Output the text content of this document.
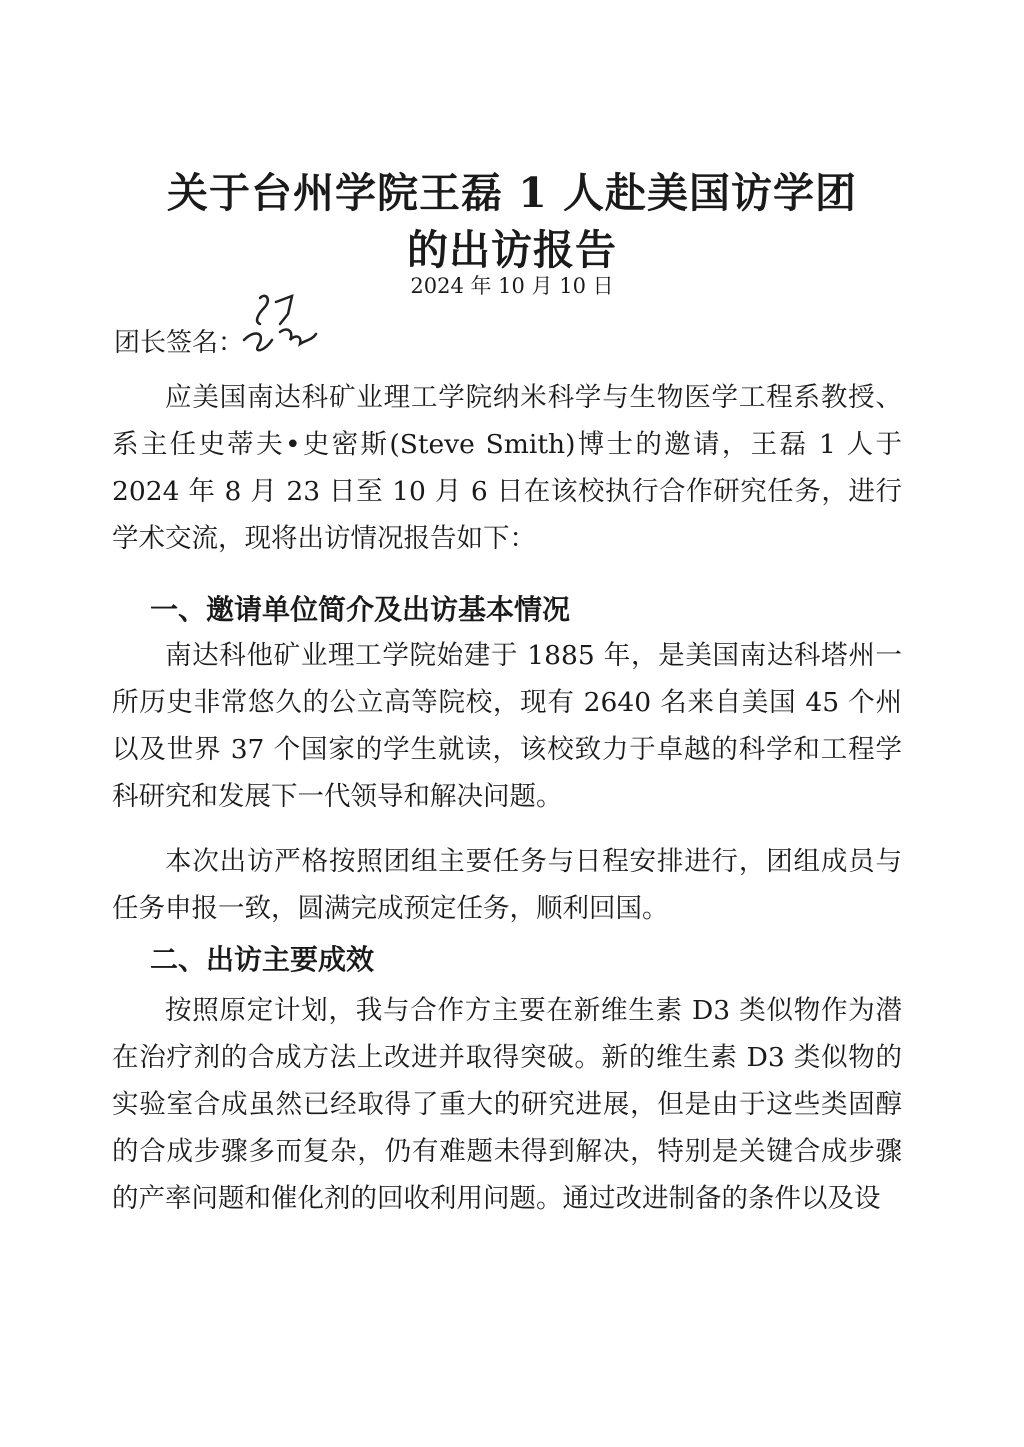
关于台州学院王磊 1 人赴美国访学团
的出访报告
2024 年 10 月 10 日
团长签名：
应美国南达科矿业理工学院纳米科学与生物医学工程系教授、系主任史蒂夫•史密斯(Steve Smith)博士的邀请，王磊 1 人于 2024 年 8 月 23 日至 10 月 6 日在该校执行合作研究任务，进行学术交流，现将出访情况报告如下：
一、邀请单位简介及出访基本情况
南达科他矿业理工学院始建于 1885 年，是美国南达科塔州一所历史非常悠久的公立高等院校，现有 2640 名来自美国 45 个州以及世界 37 个国家的学生就读，该校致力于卓越的科学和工程学科研究和发展下一代领导和解决问题。
本次出访严格按照团组主要任务与日程安排进行，团组成员与任务申报一致，圆满完成预定任务，顺利回国。
二、出访主要成效
按照原定计划，我与合作方主要在新维生素 D3 类似物作为潜在治疗剂的合成方法上改进并取得突破。新的维生素 D3 类似物的实验室合成虽然已经取得了重大的研究进展，但是由于这些类固醇的合成步骤多而复杂，仍有难题未得到解决，特别是关键合成步骤的产率问题和催化剂的回收利用问题。通过改进制备的条件以及设
